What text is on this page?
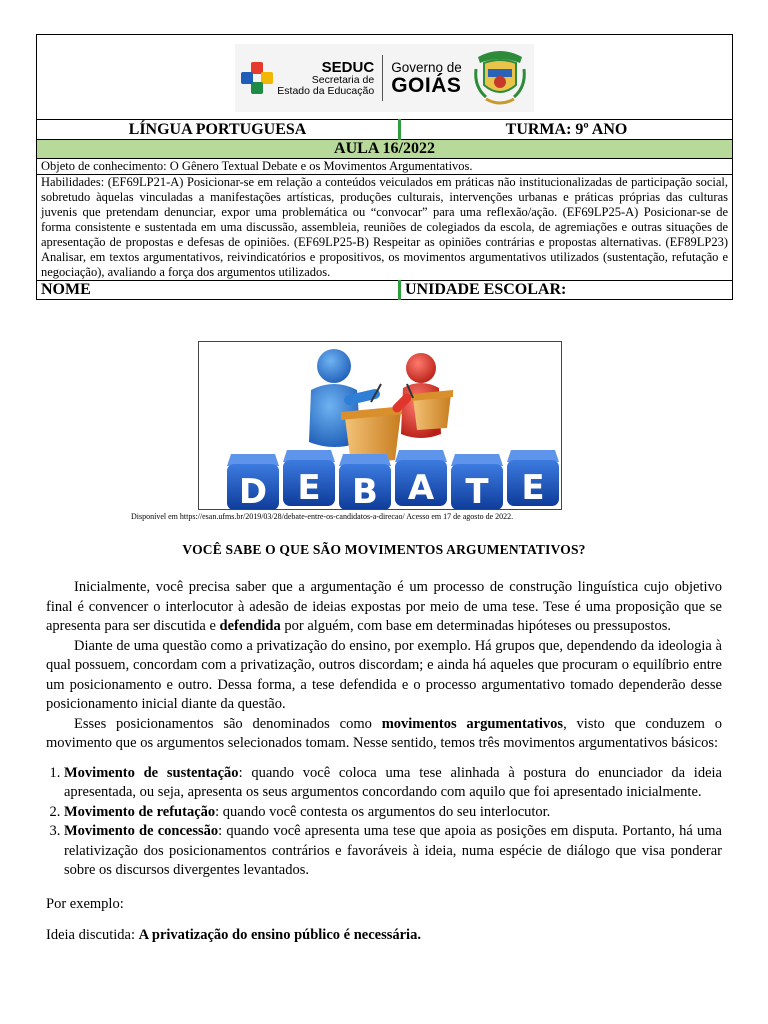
SEDUC
Secretaria de
Estado da Educação
Governo de
GOIÁS	

LÍNGUA PORTUGUESA	TURMA: 9º ANO
AULA 16/2022	
Objeto de conhecimento: O Gênero Textual Debate e os Movimentos Argumentativos.	
Habilidades: (EF69LP21-A) Posicionar-se em relação a conteúdos veiculados em práticas não institucionalizadas de participação social, sobretudo àquelas vinculadas a manifestações artísticas, produções culturais, intervenções urbanas e práticas próprias das culturas juvenis que pretendam denunciar, expor uma problemática ou “convocar” para uma reflexão/ação. (EF69LP25-A) Posicionar-se de forma consistente e sustentada em uma discussão, assembleia, reuniões de colegiados da escola, de agremiações e outras situações de apresentação de propostas e defesas de opiniões. (EF69LP25-B) Respeitar as opiniões contrárias e propostas alternativas. (EF89LP23) Analisar, em textos argumentativos, reivindicatórios e propositivos, os movimentos argumentativos utilizados (sustentação, refutação e negociação), avaliando a força dos argumentos utilizados.	
NOME	UNIDADE ESCOLAR:
D E B A T E
Disponível em https://esan.ufms.br/2019/03/28/debate-entre-os-candidatos-a-direcao/ Acesso em 17 de agosto de 2022.
VOCÊ SABE O QUE SÃO MOVIMENTOS ARGUMENTATIVOS?

Inicialmente, você precisa saber que a argumentação é um processo de construção linguística cujo objetivo final é convencer o interlocutor à adesão de ideias expostas por meio de uma tese. Tese é uma proposição que se apresenta para ser discutida e defendida por alguém, com base em determinadas hipóteses ou pressupostos.

Diante de uma questão como a privatização do ensino, por exemplo. Há grupos que, dependendo da ideologia à qual possuem, concordam com a privatização, outros discordam; e ainda há aqueles que procuram o equilíbrio entre um posicionamento e outro. Dessa forma, a tese defendida e o processo argumentativo tomado dependerão desse posicionamento inicial diante da questão.

Esses posicionamentos são denominados como movimentos argumentativos, visto que conduzem o movimento que os argumentos selecionados tomam. Nesse sentido, temos três movimentos argumentativos básicos:

1. Movimento de sustentação: quando você coloca uma tese alinhada à postura do enunciador da ideia apresentada, ou seja, apresenta os seus argumentos concordando com aquilo que foi apresentado inicialmente.
2. Movimento de refutação: quando você contesta os argumentos do seu interlocutor.
3. Movimento de concessão: quando você apresenta uma tese que apoia as posições em disputa. Portanto, há uma relativização dos posicionamentos contrários e favoráveis à ideia, numa espécie de diálogo que visa ponderar sobre os discursos divergentes levantados.

Por exemplo:

Ideia discutida: A privatização do ensino público é necessária.
